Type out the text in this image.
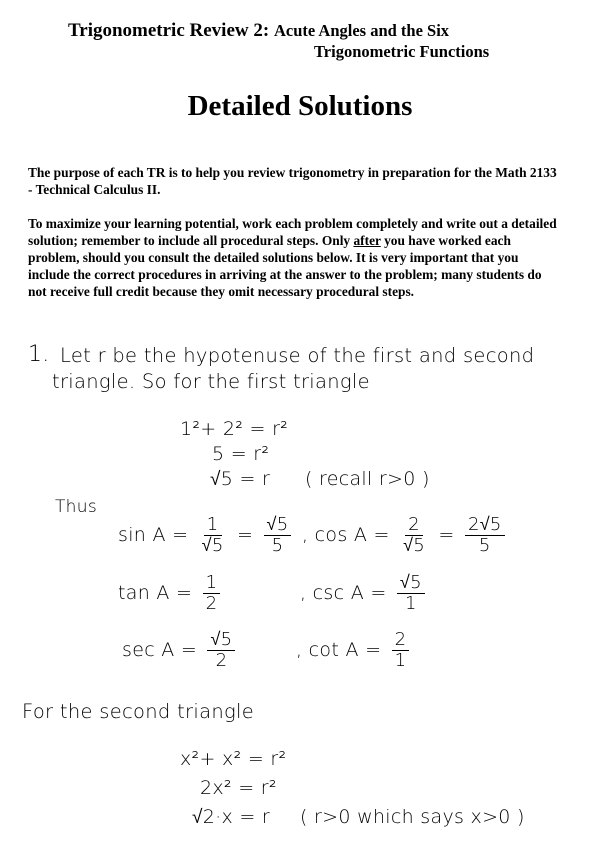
Trigonometric Review 2: Acute Angles and the Six
Trigonometric Functions
Detailed Solutions
The purpose of each TR is to help you review trigonometry in preparation for the Math 2133 - Technical Calculus II.
To maximize your learning potential, work each problem completely and write out a detailed solution; remember to include all procedural steps. Only after you have worked each problem, should you consult the detailed solutions below. It is very important that you include the correct procedures in arriving at the answer to the problem; many students do not receive full credit because they omit necessary procedural steps.
1. Let r be the hypotenuse of the first and second
triangle. So for the first triangle
1²+ 2² = r²
5 = r²
√5 = r ( recall r>0 )
Thus
$\sin A = \frac{1}{√5} = \frac{√5}{5}$ , $\cos A = \frac{2}{√5} = \frac{2√5}{5}$
$\tan A = \frac{1}{2}$	, $\csc A = \frac{√5}{1}$
$\sec A = \frac{√5}{2}$	, $\cot A = \frac{2}{1}$
For the second triangle
x²+ x² = r²
2x² = r²
√2·x = r ( r>0 which says x>0 )
